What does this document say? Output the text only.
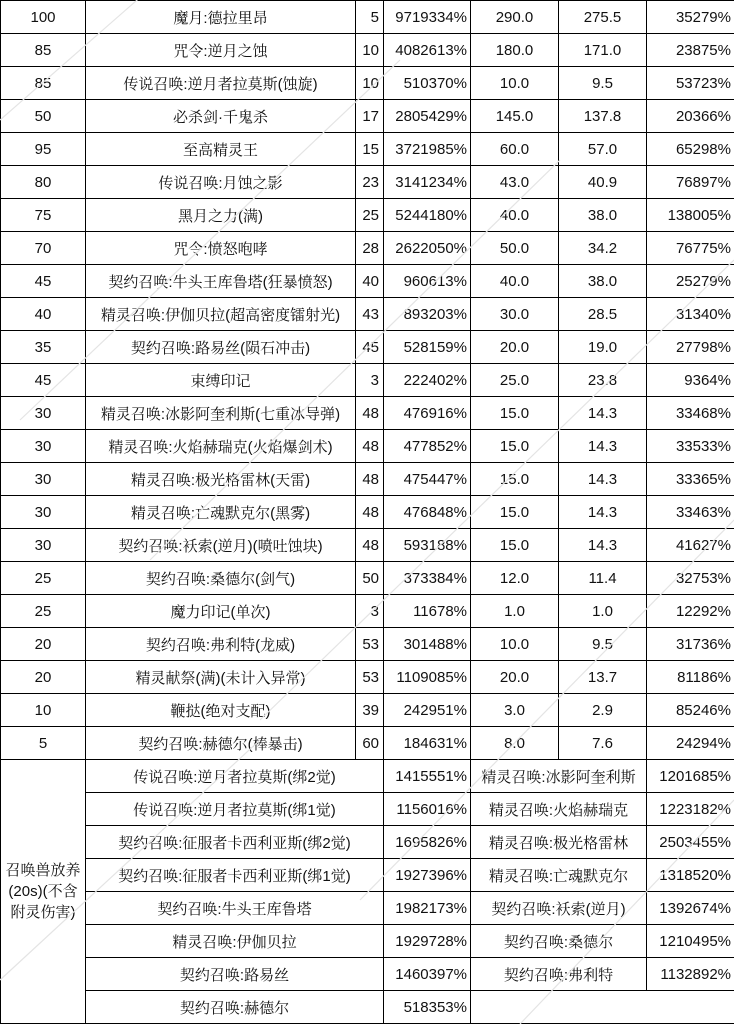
100	魔月:德拉里昂	5	9719334%	290.0	275.5	35279%
85	咒令:逆月之蚀	10	4082613%	180.0	171.0	23875%
85	传说召唤:逆月者拉莫斯(蚀旋)	10	510370%	10.0	9.5	53723%
50	必杀剑·千鬼杀	17	2805429%	145.0	137.8	20366%
95	至高精灵王	15	3721985%	60.0	57.0	65298%
80	传说召唤:月蚀之影	23	3141234%	43.0	40.9	76897%
75	黑月之力(满)	25	5244180%	40.0	38.0	138005%
70	咒令:愤怒咆哮	28	2622050%	50.0	34.2	76775%
45	契约召唤:牛头王库鲁塔(狂暴愤怒)	40	960613%	40.0	38.0	25279%
40	精灵召唤:伊伽贝拉(超高密度镭射光)	43	893203%	30.0	28.5	31340%
35	契约召唤:路易丝(陨石冲击)	45	528159%	20.0	19.0	27798%
45	束缚印记	3	222402%	25.0	23.8	9364%
30	精灵召唤:冰影阿奎利斯(七重冰导弹)	48	476916%	15.0	14.3	33468%
30	精灵召唤:火焰赫瑞克(火焰爆剑术)	48	477852%	15.0	14.3	33533%
30	精灵召唤:极光格雷林(天雷)	48	475447%	15.0	14.3	33365%
30	精灵召唤:亡魂默克尔(黑雾)	48	476848%	15.0	14.3	33463%
30	契约召唤:袄索(逆月)(喷吐蚀块)	48	593188%	15.0	14.3	41627%
25	契约召唤:桑德尔(剑气)	50	373384%	12.0	11.4	32753%
25	魔力印记(单次)	3	11678%	1.0	1.0	12292%
20	契约召唤:弗利特(龙威)	53	301488%	10.0	9.5	31736%
20	精灵献祭(满)(未计入异常)	53	1109085%	20.0	13.7	81186%
10	鞭挞(绝对支配)	39	242951%	3.0	2.9	85246%
5	契约召唤:赫德尔(棒暴击)	60	184631%	8.0	7.6	24294%
召唤兽放养(20s)(不含附灵伤害)	传说召唤:逆月者拉莫斯(绑2觉)		1415551%	精灵召唤:冰影阿奎利斯		1201685%
	传说召唤:逆月者拉莫斯(绑1觉)		1156016%	精灵召唤:火焰赫瑞克		1223182%
	契约召唤:征服者卡西利亚斯(绑2觉)		1695826%	精灵召唤:极光格雷林		2503455%
	契约召唤:征服者卡西利亚斯(绑1觉)		1927396%	精灵召唤:亡魂默克尔		1318520%
	契约召唤:牛头王库鲁塔		1982173%	契约召唤:袄索(逆月)		1392674%
	精灵召唤:伊伽贝拉		1929728%	契约召唤:桑德尔		1210495%
	契约召唤:路易丝		1460397%	契约召唤:弗利特		1132892%
	契约召唤:赫德尔		518353%			
